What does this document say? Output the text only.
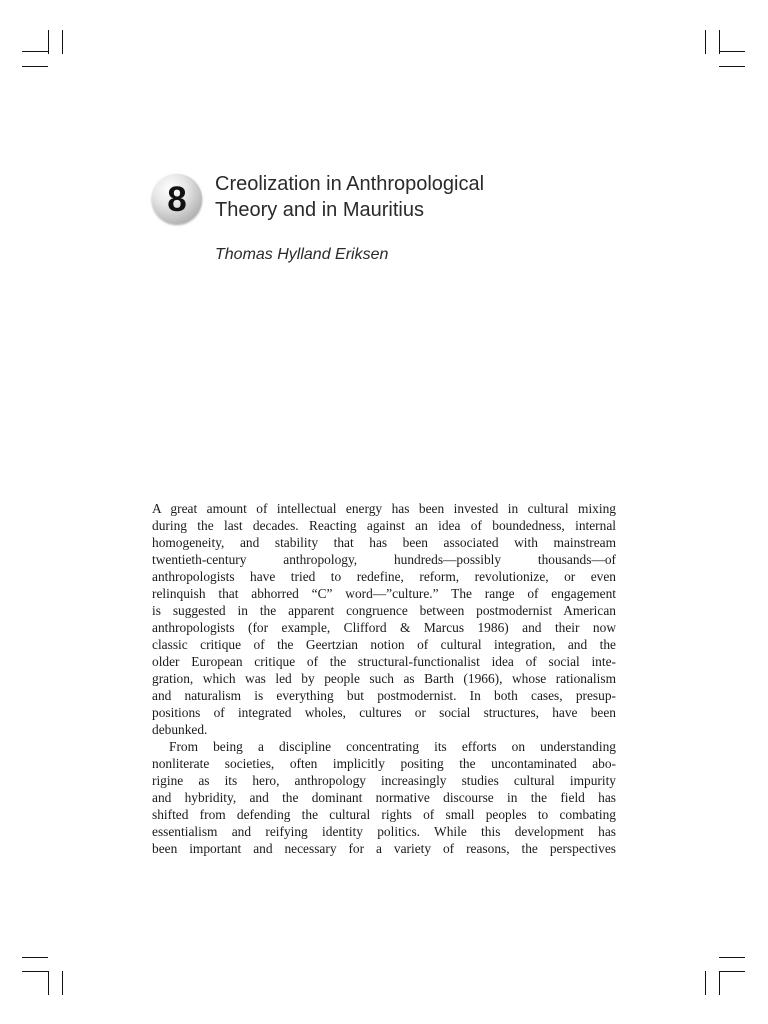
8 Creolization in Anthropological
Theory and in Mauritius
Thomas Hylland Eriksen
A great amount of intellectual energy has been invested in cultural mixing
during the last decades. Reacting against an idea of boundedness, internal
homogeneity, and stability that has been associated with mainstream
twentieth-century anthropology, hundreds—possibly thousands—of
anthropologists have tried to redefine, reform, revolutionize, or even
relinquish that abhorred “C” word—”culture.” The range of engagement
is suggested in the apparent congruence between postmodernist American
anthropologists (for example, Clifford & Marcus 1986) and their now
classic critique of the Geertzian notion of cultural integration, and the
older European critique of the structural-functionalist idea of social inte-
gration, which was led by people such as Barth (1966), whose rationalism
and naturalism is everything but postmodernist. In both cases, presup-
positions of integrated wholes, cultures or social structures, have been
debunked.
From being a discipline concentrating its efforts on understanding
nonliterate societies, often implicitly positing the uncontaminated abo-
rigine as its hero, anthropology increasingly studies cultural impurity
and hybridity, and the dominant normative discourse in the field has
shifted from defending the cultural rights of small peoples to combating
essentialism and reifying identity politics. While this development has
been important and necessary for a variety of reasons, the perspectives
